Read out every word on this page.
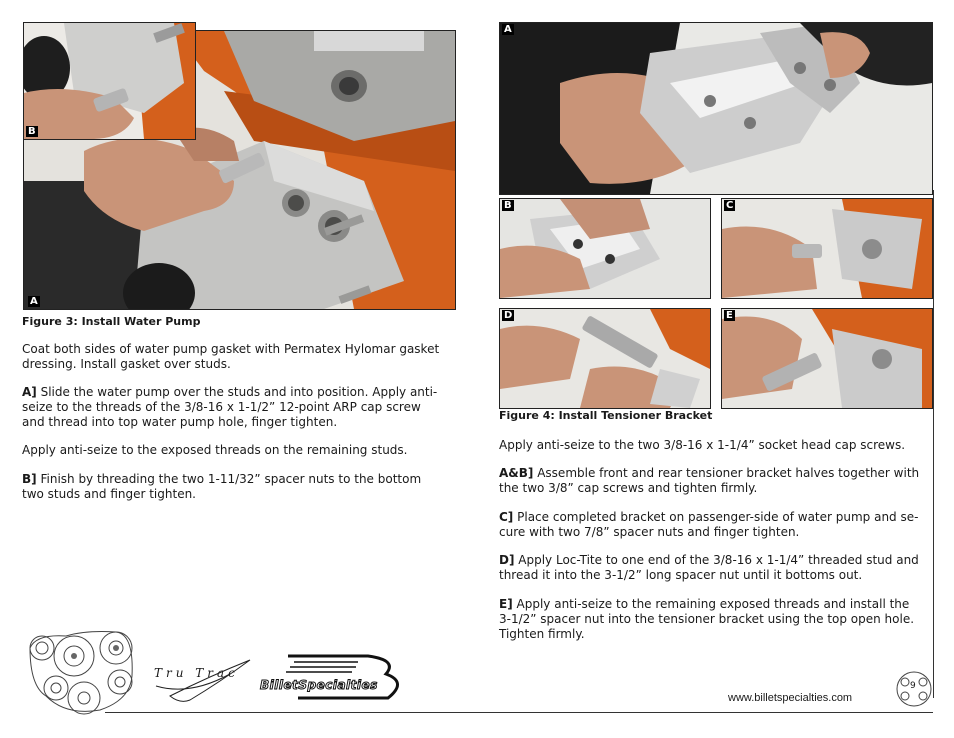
A
B
Figure 3: Install Water Pump

Coat both sides of water pump gasket with Permatex Hylomar gasket dressing. Install gasket over studs.

A] Slide the water pump over the studs and into position. Apply anti-seize to the threads of the 3/8-16 x 1-1/2” 12-point ARP cap screw and thread into top water pump hole, finger tighten.

Apply anti-seize to the exposed threads on the remaining studs.

B] Finish by threading the two 1-11/32” spacer nuts to the bottom two studs and finger tighten.

A
B	C
D	E
Figure 4: Install Tensioner Bracket

Apply anti-seize to the two 3/8-16 x 1-1/4” socket head cap screws.

A&B] Assemble front and rear tensioner bracket halves together with the two 3/8” cap screws and tighten firmly.

C] Place completed bracket on passenger-side of water pump and se-cure with two 7/8” spacer nuts and finger tighten.

D] Apply Loc-Tite to one end of the 3/8-16 x 1-1/4” threaded stud and thread it into the 3-1/2” long spacer nut until it bottoms out.

E] Apply anti-seize to the remaining exposed threads and install the 3-1/2” spacer nut into the tensioner bracket using the top open hole. Tighten firmly.

Tru Trac
BilletSpecialties
www.billetspecialties.com
9
